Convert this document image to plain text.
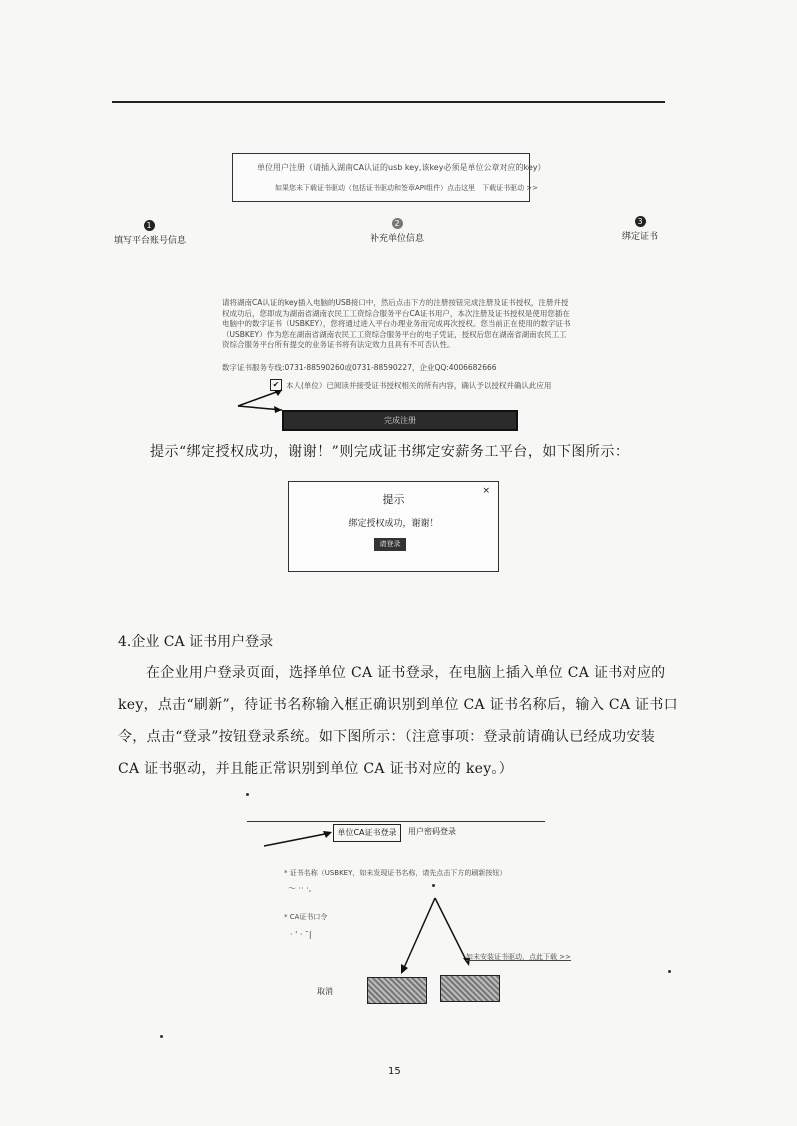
单位用户注册（请插入湖南CA认证的usb key,该key必须是单位公章对应的key）
如果您未下载证书驱动（包括证书驱动和签章API组件）点击这里　下载证书驱动 >>
1
填写平台账号信息
2
补充单位信息
3
绑定证书
请将湖南CA认证的key插入电脑的USB接口中，然后点击下方的注册按钮完成注册及证书授权，注册并授权成功后，您即成为湖南省湖南农民工工资综合服务平台CA证书用户，本次注册及证书授权是使用您插在电脑中的数字证书（USBKEY），您将通过进入平台办理业务而完成再次授权。您当前正在使用的数字证书（USBKEY）作为您在湖南省湖南农民工工资综合服务平台的电子凭证，授权后您在湖南省湖南农民工工资综合服务平台所有提交的业务证书将有法定效力且具有不可否认性。
数字证书服务专线:0731-88590260或0731-88590227，企业QQ:4006682666
✔ 本人(单位）已阅读并接受证书授权相关的所有内容，确认予以授权并确认此应用
完成注册
提示“绑定授权成功，谢谢！”则完成证书绑定安薪务工平台，如下图所示：
提示
×
绑定授权成功，谢谢！
请登录
4.企业 CA 证书用户登录

在企业用户登录页面，选择单位 CA 证书登录，在电脑上插入单位 CA 证书对应的 key，点击“刷新”，待证书名称输入框正确识别到单位 CA 证书名称后，输入 CA 证书口令，点击“登录”按钮登录系统。如下图所示：（注意事项：登录前请确认已经成功安装 CA 证书驱动，并且能正常识别到单位 CA 证书对应的 key。）

单位CA证书登录	用户密码登录
* 证书名称（USBKEY，如未发现证书名称，请先点击下方的刷新按钮）
～ ·· ·,
* CA证书口令
· ' · ¯|
如未安装证书驱动，点此下载 >>
取消
15
